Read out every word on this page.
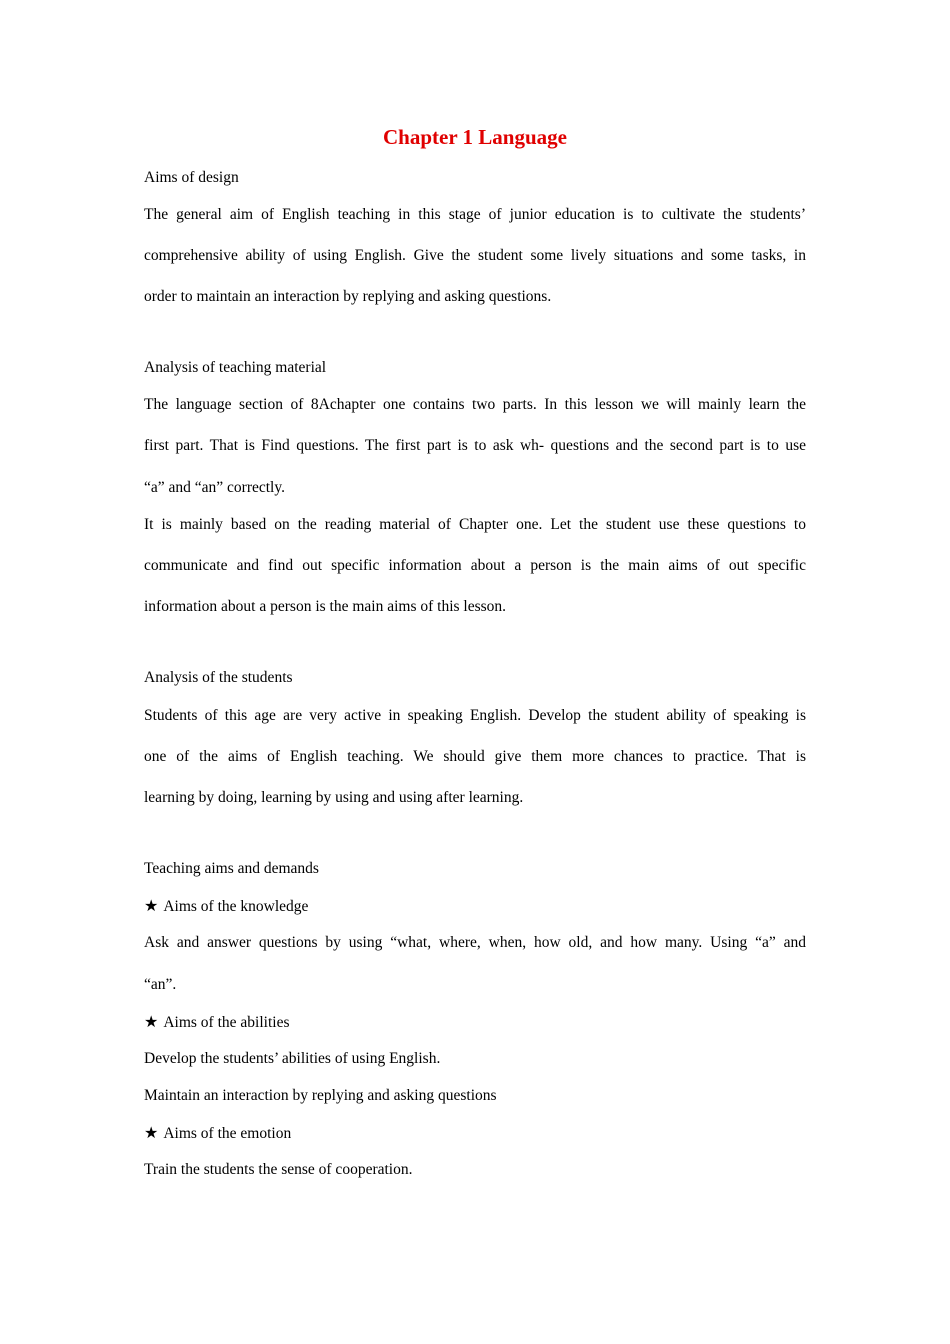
Chapter 1 Language
Aims of design
The general aim of English teaching in this stage of junior education is to cultivate the students’
comprehensive ability of using English. Give the student some lively situations and some tasks, in
order to maintain an interaction by replying and asking questions.
Analysis of teaching material
The language section of 8Achapter one contains two parts. In this lesson we will mainly learn the
first part. That is Find questions. The first part is to ask wh- questions and the second part is to use
“a” and “an” correctly.
It is mainly based on the reading material of Chapter one. Let the student use these questions to
communicate and find out specific information about a person is the main aims of out specific
information about a person is the main aims of this lesson.
Analysis of the students
Students of this age are very active in speaking English. Develop the student ability of speaking is
one of the aims of English teaching. We should give them more chances to practice. That is
learning by doing, learning by using and using after learning.
Teaching aims and demands
★ Aims of the knowledge
Ask and answer questions by using “what, where, when, how old, and how many. Using “a” and
“an”.
★ Aims of the abilities
Develop the students’ abilities of using English.
Maintain an interaction by replying and asking questions
★ Aims of the emotion
Train the students the sense of cooperation.
